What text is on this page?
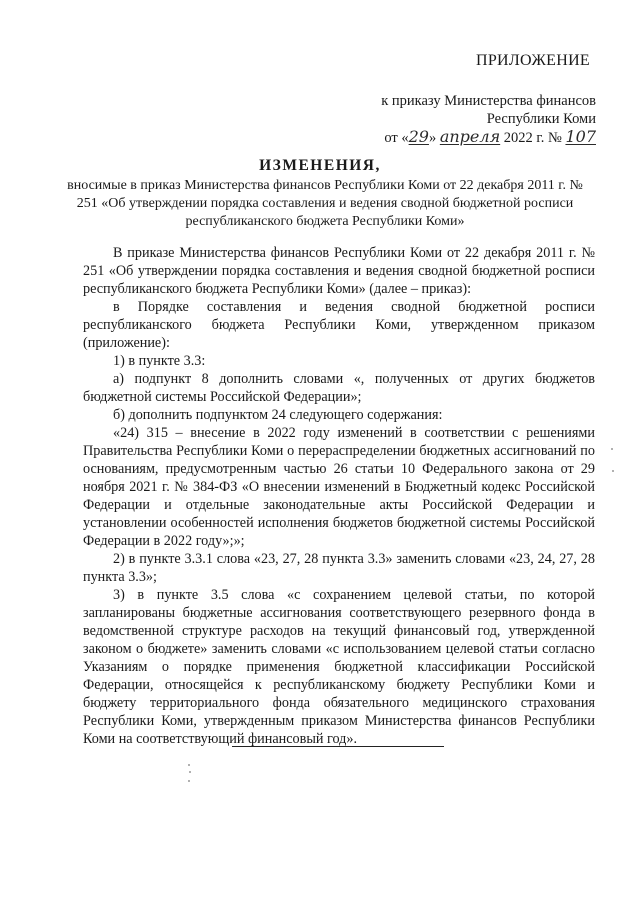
ПРИЛОЖЕНИЕ
к приказу Министерства финансов
Республики Коми
от «29» апреля 2022 г. № 107
ИЗМЕНЕНИЯ,
вносимые в приказ Министерства финансов Республики Коми от 22 декабря 2011 г. № 251 «Об утверждении порядка составления и ведения сводной бюджетной росписи республиканского бюджета Республики Коми»

В приказе Министерства финансов Республики Коми от 22 декабря 2011 г. № 251 «Об утверждении порядка составления и ведения сводной бюджетной росписи республиканского бюджета Республики Коми» (далее – приказ):

в Порядке составления и ведения сводной бюджетной росписи республиканского бюджета Республики Коми, утвержденном приказом (приложение):

1) в пункте 3.3:

а) подпункт 8 дополнить словами «, полученных от других бюджетов бюджетной системы Российской Федерации»;

б) дополнить подпунктом 24 следующего содержания:

«24) 315 – внесение в 2022 году изменений в соответствии с решениями Правительства Республики Коми о перераспределении бюджетных ассигнований по основаниям, предусмотренным частью 26 статьи 10 Федерального закона от 29 ноября 2021 г. № 384-ФЗ «О внесении изменений в Бюджетный кодекс Российской Федерации и отдельные законодательные акты Российской Федерации и установлении особенностей исполнения бюджетов бюджетной системы Российской Федерации в 2022 году»;»;

2) в пункте 3.3.1 слова «23, 27, 28 пункта 3.3» заменить словами «23, 24, 27, 28 пункта 3.3»;

3) в пункте 3.5 слова «с сохранением целевой статьи, по которой запланированы бюджетные ассигнования соответствующего резервного фонда в ведомственной структуре расходов на текущий финансовый год, утвержденной законом о бюджете» заменить словами «с использованием целевой статьи согласно Указаниям о порядке применения бюджетной классификации Российской Федерации, относящейся к республиканскому бюджету Республики Коми и бюджету территориального фонда обязательного медицинского страхования Республики Коми, утвержденным приказом Министерства финансов Республики Коми на соответствующий финансовый год».
